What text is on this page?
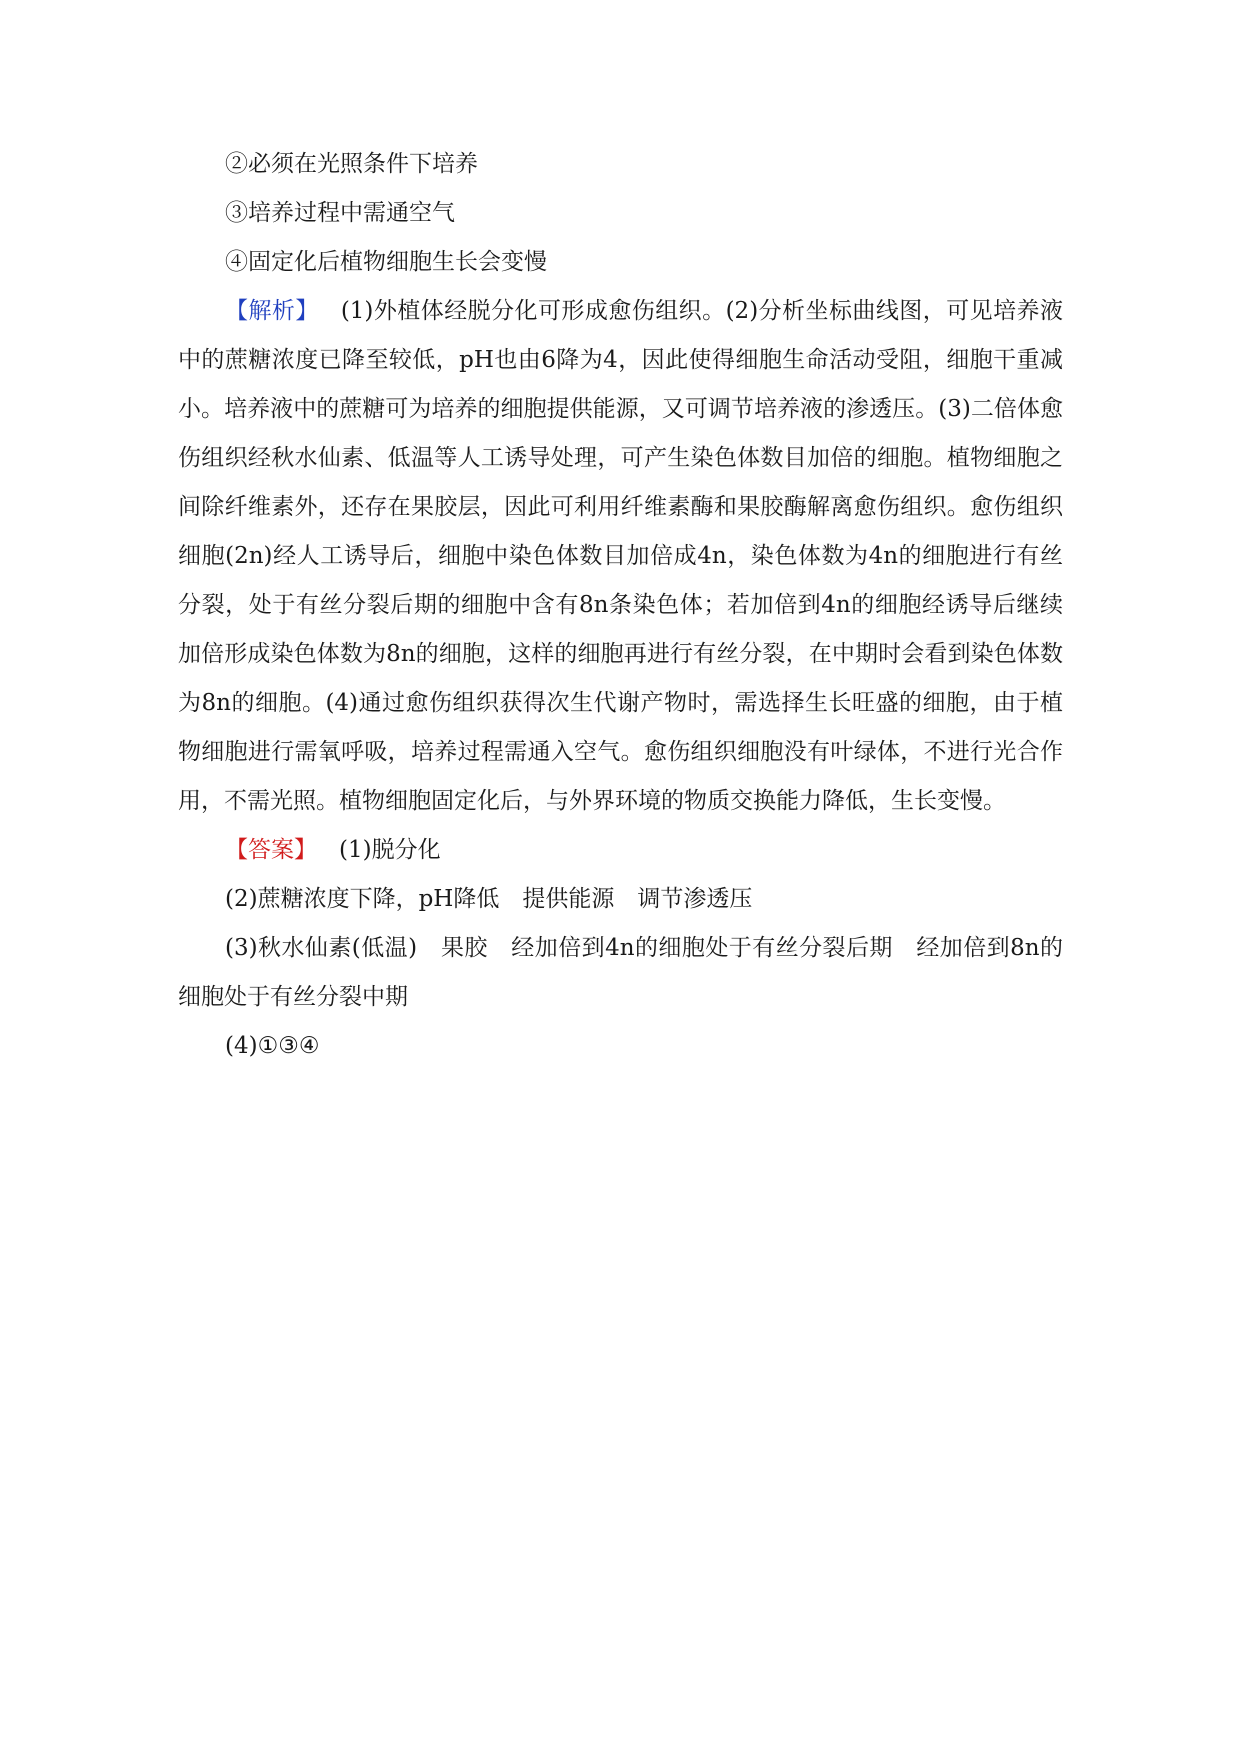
②必须在光照条件下培养
③培养过程中需通空气
④固定化后植物细胞生长会变慢

【解析】 (1)外植体经脱分化可形成愈伤组织。(2)分析坐标曲线图，可见培养液中的蔗糖浓度已降至较低，pH也由6降为4，因此使得细胞生命活动受阻，细胞干重减小。培养液中的蔗糖可为培养的细胞提供能源，又可调节培养液的渗透压。(3)二倍体愈伤组织经秋水仙素、低温等人工诱导处理，可产生染色体数目加倍的细胞。植物细胞之间除纤维素外，还存在果胶层，因此可利用纤维素酶和果胶酶解离愈伤组织。愈伤组织细胞(2n)经人工诱导后，细胞中染色体数目加倍成4n，染色体数为4n的细胞进行有丝分裂，处于有丝分裂后期的细胞中含有8n条染色体；若加倍到4n的细胞经诱导后继续加倍形成染色体数为8n的细胞，这样的细胞再进行有丝分裂，在中期时会看到染色体数为8n的细胞。(4)通过愈伤组织获得次生代谢产物时，需选择生长旺盛的细胞，由于植物细胞进行需氧呼吸，培养过程需通入空气。愈伤组织细胞没有叶绿体，不进行光合作用，不需光照。植物细胞固定化后，与外界环境的物质交换能力降低，生长变慢。

【答案】 (1)脱分化
(2)蔗糖浓度下降，pH降低　提供能源　调节渗透压

(3)秋水仙素(低温)　果胶　经加倍到4n的细胞处于有丝分裂后期　经加倍到8n的细胞处于有丝分裂中期

(4)①③④
